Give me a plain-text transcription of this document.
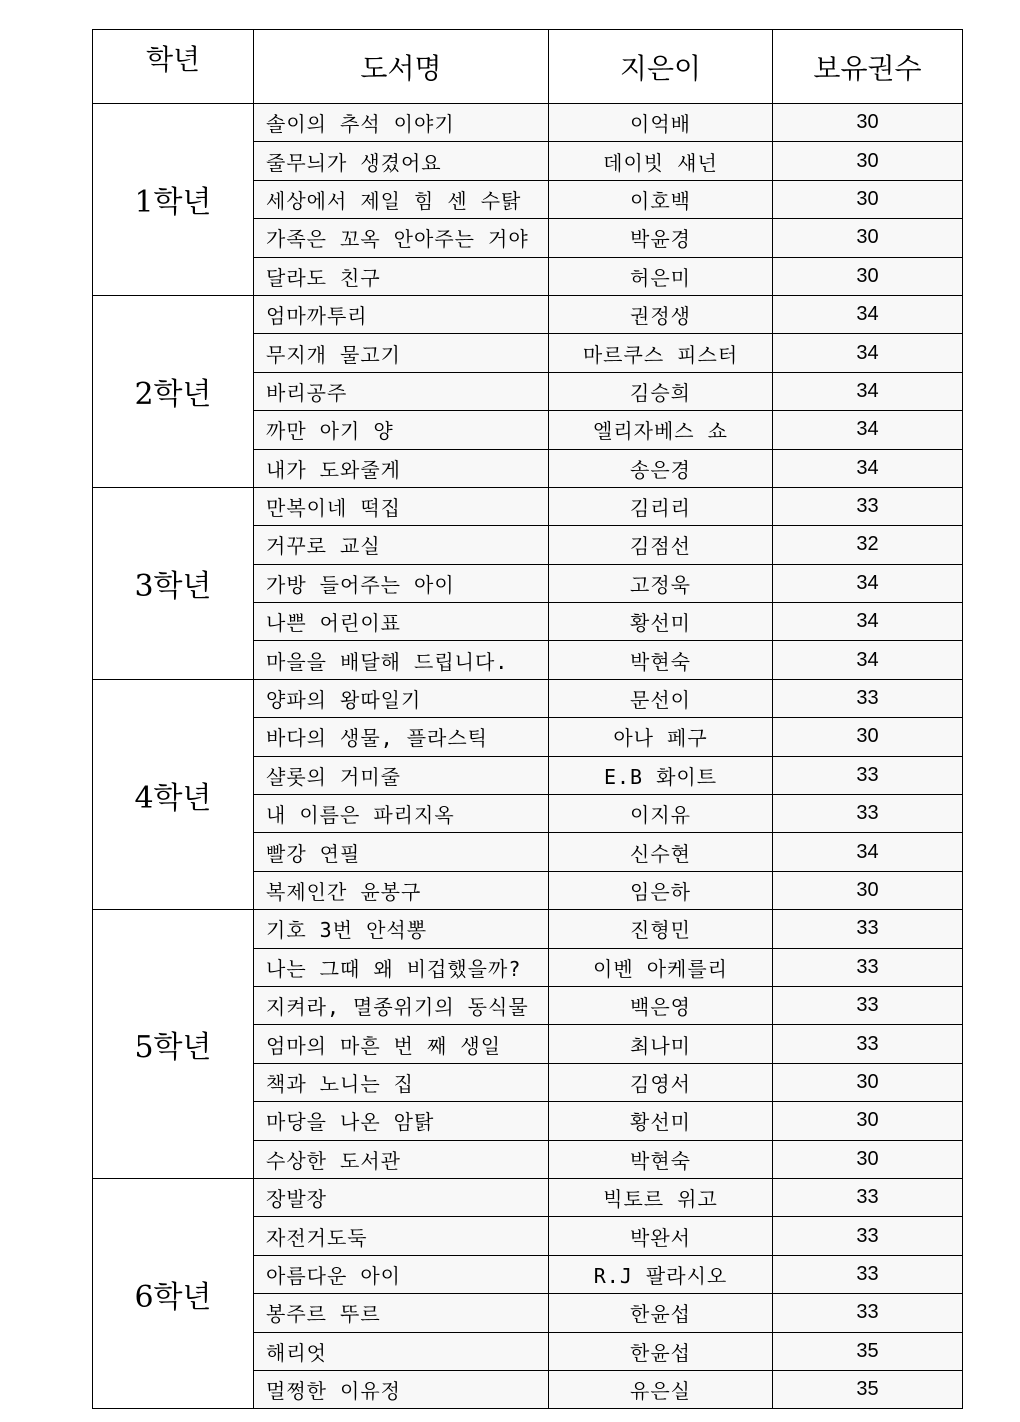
학년	도서명	지은이	보유권수
1학년	솔이의 추석 이야기	이억배	30
	줄무늬가 생겼어요	데이빗 섀넌	30
	세상에서 제일 힘 센 수탉	이호백	30
	가족은 꼬옥 안아주는 거야	박윤경	30
	달라도 친구	허은미	30
2학년	엄마까투리	권정생	34
	무지개 물고기	마르쿠스 피스터	34
	바리공주	김승희	34
	까만 아기 양	엘리자베스 쇼	34
	내가 도와줄게	송은경	34
3학년	만복이네 떡집	김리리	33
	거꾸로 교실	김점선	32
	가방 들어주는 아이	고정욱	34
	나쁜 어린이표	황선미	34
	마을을 배달해 드립니다.	박현숙	34
4학년	양파의 왕따일기	문선이	33
	바다의 생물, 플라스틱	아나 페구	30
	샬롯의 거미줄	E.B 화이트	33
	내 이름은 파리지옥	이지유	33
	빨강 연필	신수현	34
	복제인간 윤봉구	임은하	30
5학년	기호 3번 안석뽕	진형민	33
	나는 그때 왜 비겁했을까?	이벤 아케를리	33
	지켜라, 멸종위기의 동식물	백은영	33
	엄마의 마흔 번 째 생일	최나미	33
	책과 노니는 집	김영서	30
	마당을 나온 암탉	황선미	30
	수상한 도서관	박현숙	30
6학년	장발장	빅토르 위고	33
	자전거도둑	박완서	33
	아름다운 아이	R.J 팔라시오	33
	봉주르 뚜르	한윤섭	33
	해리엇	한윤섭	35
	멀쩡한 이유정	유은실	35
